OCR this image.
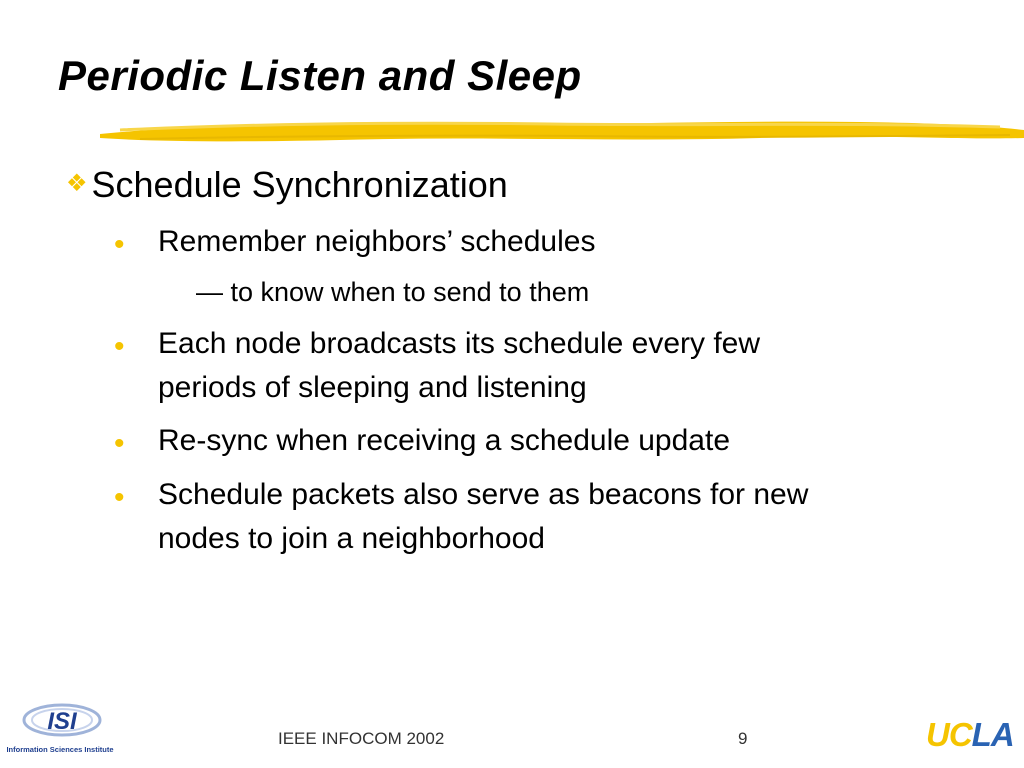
Periodic Listen and Sleep
❖ Schedule Synchronization
• Remember neighbors’ schedules
— to know when to send to them
• Each node broadcasts its schedule every few
periods of sleeping and listening
• Re-sync when receiving a schedule update
• Schedule packets also serve as beacons for new
nodes to join a neighborhood
ISI
Information Sciences Institute
IEEE INFOCOM 2002	9	UCLA
